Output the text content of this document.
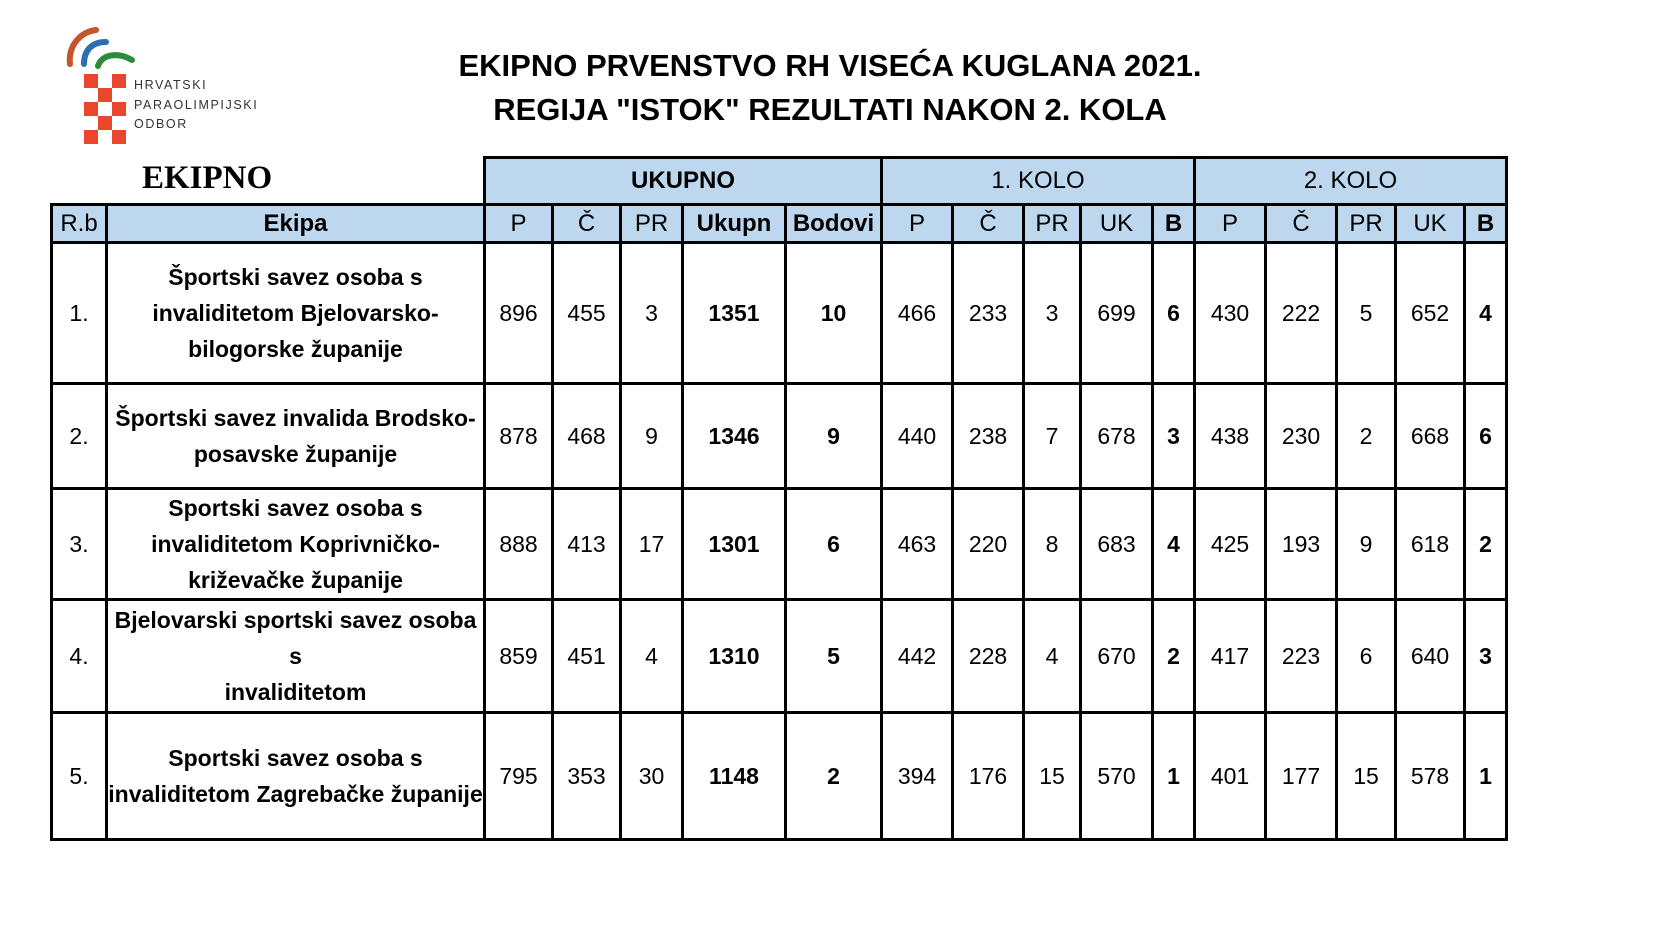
HRVATSKI
PARAOLIMPIJSKI
ODBOR
EKIPNO PRVENSTVO RH VISEĆA KUGLANA 2021.
REGIJA "ISTOK" REZULTATI NAKON 2. KOLA
EKIPNO
		UKUPNO					1. KOLO					2. KOLO				
R.b	Ekipa	P	Č	PR	Ukupn	Bodovi	P	Č	PR	UK	B	P	Č	PR	UK	B
1.	Športski savez osoba s
invaliditetom Bjelovarsko-
bilogorske županije	896	455	3	1351	10	466	233	3	699	6	430	222	5	652	4
2.	Športski savez invalida Brodsko-
posavske županije	878	468	9	1346	9	440	238	7	678	3	438	230	2	668	6
3.	Sportski savez osoba s
invaliditetom Koprivničko-
križevačke županije	888	413	17	1301	6	463	220	8	683	4	425	193	9	618	2
4.	Bjelovarski sportski savez osoba s
invaliditetom	859	451	4	1310	5	442	228	4	670	2	417	223	6	640	3
5.	Sportski savez osoba s
invaliditetom Zagrebačke županije	795	353	30	1148	2	394	176	15	570	1	401	177	15	578	1
